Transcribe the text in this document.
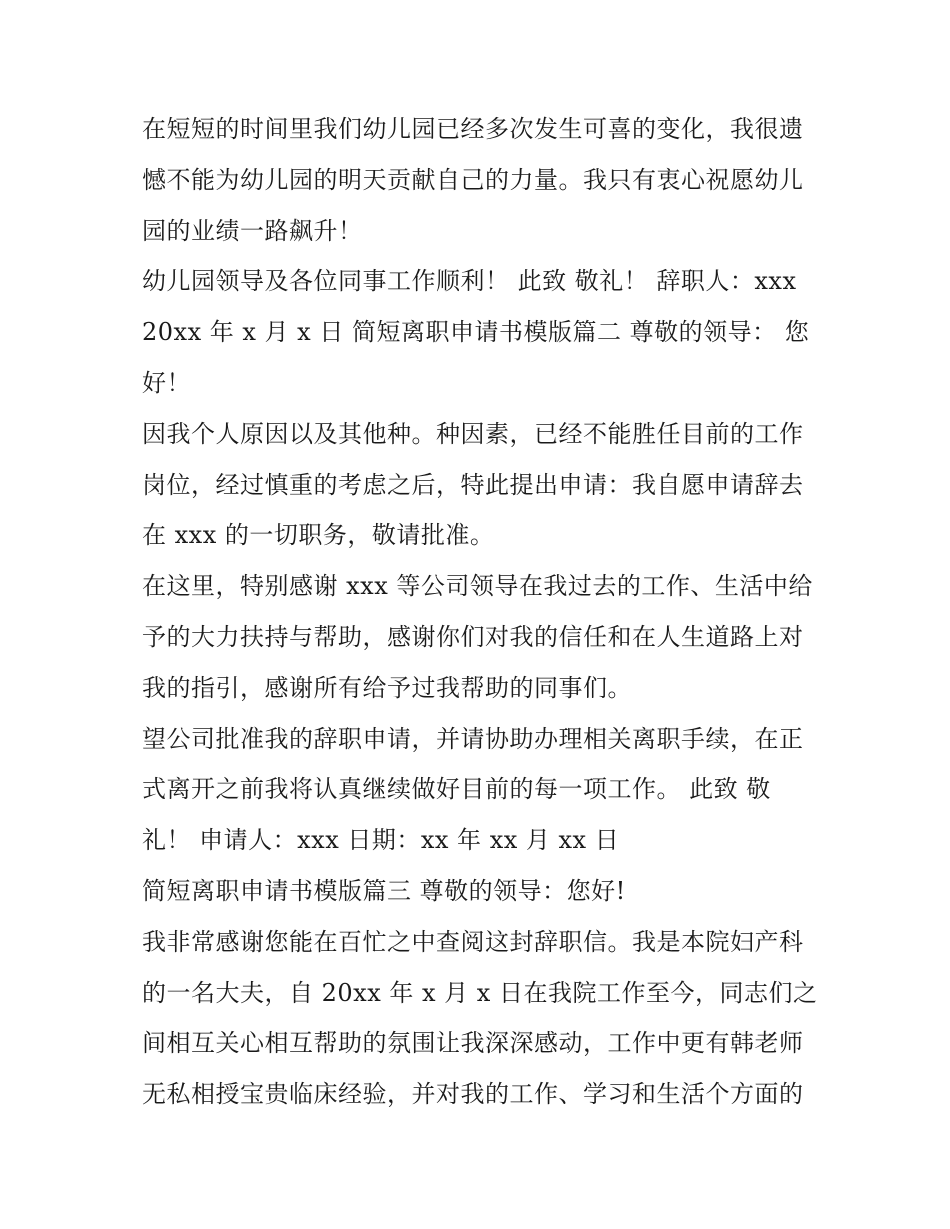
在短短的时间里我们幼儿园已经多次发生可喜的变化，我很遗
憾不能为幼儿园的明天贡献自己的力量。我只有衷心祝愿幼儿
园的业绩一路飙升！

幼儿园领导及各位同事工作顺利！ 此致 敬礼！ 辞职人：xxx
20xx 年 x 月 x 日 简短离职申请书模版篇二 尊敬的领导： 您
好！

因我个人原因以及其他种。种因素，已经不能胜任目前的工作
岗位，经过慎重的考虑之后，特此提出申请：我自愿申请辞去
在 xxx 的一切职务，敬请批准。

在这里，特别感谢 xxx 等公司领导在我过去的工作、生活中给
予的大力扶持与帮助，感谢你们对我的信任和在人生道路上对
我的指引，感谢所有给予过我帮助的同事们。

望公司批准我的辞职申请，并请协助办理相关离职手续，在正
式离开之前我将认真继续做好目前的每一项工作。 此致 敬
礼！ 申请人：xxx 日期：xx 年 xx 月 xx 日

简短离职申请书模版篇三 尊敬的领导：您好!

我非常感谢您能在百忙之中查阅这封辞职信。我是本院妇产科
的一名大夫，自 20xx 年 x 月 x 日在我院工作至今，同志们之
间相互关心相互帮助的氛围让我深深感动，工作中更有韩老师
无私相授宝贵临床经验，并对我的工作、学习和生活个方面的
